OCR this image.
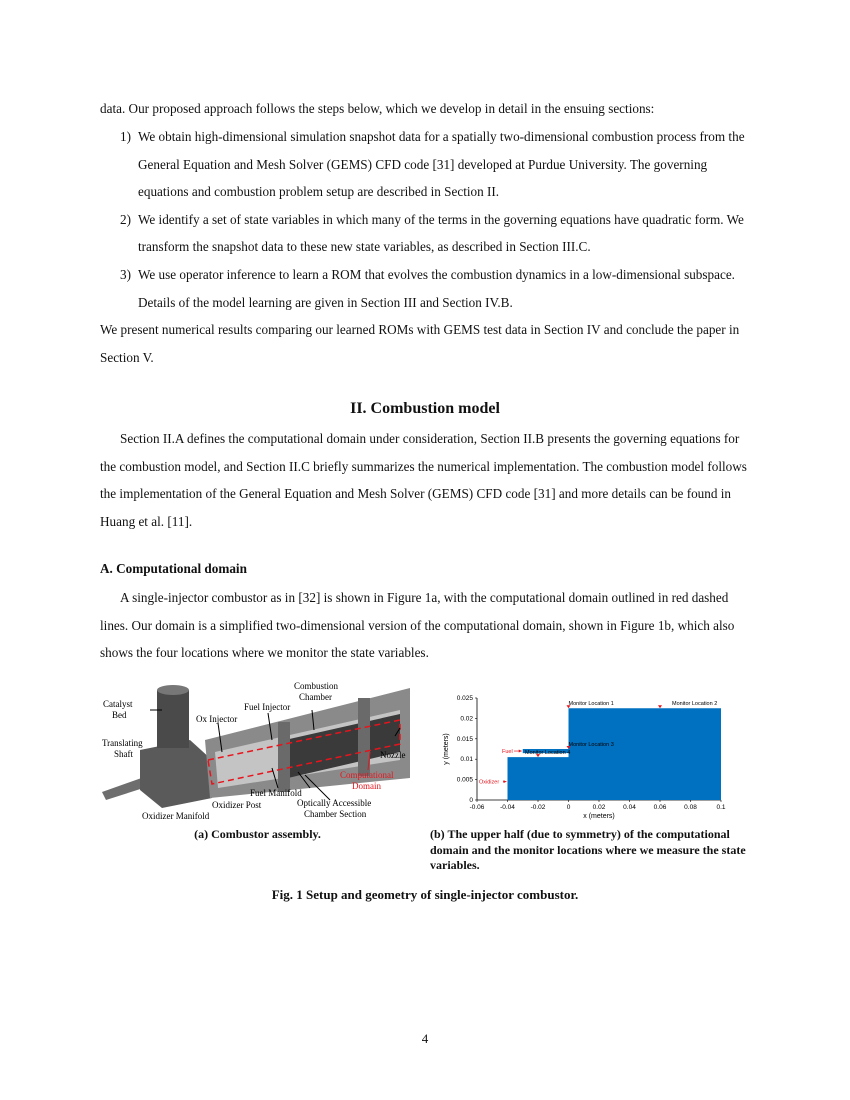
data. Our proposed approach follows the steps below, which we develop in detail in the ensuing sections:

1) We obtain high-dimensional simulation snapshot data for a spatially two-dimensional combustion process from the General Equation and Mesh Solver (GEMS) CFD code [31] developed at Purdue University. The governing equations and combustion problem setup are described in Section II.
2) We identify a set of state variables in which many of the terms in the governing equations have quadratic form. We transform the snapshot data to these new state variables, as described in Section III.C.
3) We use operator inference to learn a ROM that evolves the combustion dynamics in a low-dimensional subspace. Details of the model learning are given in Section III and Section IV.B.

We present numerical results comparing our learned ROMs with GEMS test data in Section IV and conclude the paper in Section V.

II. Combustion model

Section II.A defines the computational domain under consideration, Section II.B presents the governing equations for the combustion model, and Section II.C briefly summarizes the numerical implementation. The combustion model follows the implementation of the General Equation and Mesh Solver (GEMS) CFD code [31] and more details can be found in Huang et al. [11].

A. Computational domain

A single-injector combustor as in [32] is shown in Figure 1a, with the computational domain outlined in red dashed lines. Our domain is a simplified two-dimensional version of the computational domain, shown in Figure 1b, which also shows the four locations where we monitor the state variables.

Catalyst
Bed
Translating
Shaft
Ox Injector
Fuel Injector
Combustion
Chamber
Nozzle
Computational
Domain
Fuel Manifold
Oxidizer Post
Oxidizer Manifold
Optically Accessible
Chamber Section
(a) Combustor assembly.
-0.06 -0.04 -0.02	0	0.02	0.04	0.06	0.08	0.1
0
0.005
0.01
0.015
0.02
0.025
x (meters)
y (meters)
Monitor Location 1	Monitor Location 2
Monitor Location 3
Monitor Location 4
Fuel
Oxidizer
(b) The upper half (due to symmetry) of the computational domain and the monitor locations where we measure the state variables.
Fig. 1 Setup and geometry of single-injector combustor.
4
